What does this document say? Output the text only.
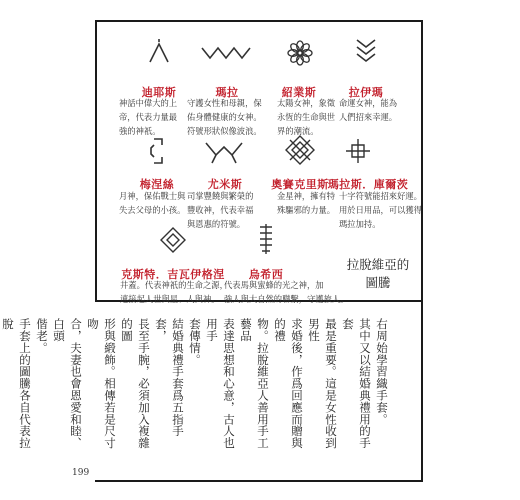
迪耶斯	瑪拉	紹業斯	拉伊瑪
神話中偉大的上
帝，代表力量最
強的神祇。
守護女性和母親，保
佑身體健康的女神。
符號形狀似像波浪。
太陽女神，象徵
永恆的生命與世
界的潮流。
命運女神，能為
人們招來幸運。
梅涅絲	尤米斯	奧賽克里斯 瑪拉斯．庫爾茨
月神，保佑戰士與
失去父母的小孩。
司掌豐饒與繁榮的
豐收神，代表幸福
與恩惠的符號。
金星神，擁有特
殊驅邪的力量。
十字符號能招來好運。
用於日用品，可以獲得
瑪拉加持。
克斯特．吉瓦伊格涅	烏希西
井蓋。代表神祇的生命之源，
連接起人世與星、人與神。
代表馬與蜜蜂的光之神，加
強人與大自然的聯繫，守護旅人。
拉脫維亞的
圖騰
右周始學習織手套。
其中又以結婚典禮用的手套
最是重要。這是女性收到男性
求婚後，作爲回應而贈與的禮
物。拉脫維亞人善用手工藝品
表達思想和心意，古人也用手
套傳情。
結婚典禮手套爲五指手套，
長至手腕，必須加入複雜的圖
形與緞飾。相傳若是尺寸吻
合，夫妻也會恩愛和睦、白頭
偕老。
手套上的圖騰各自代表拉脫
199
